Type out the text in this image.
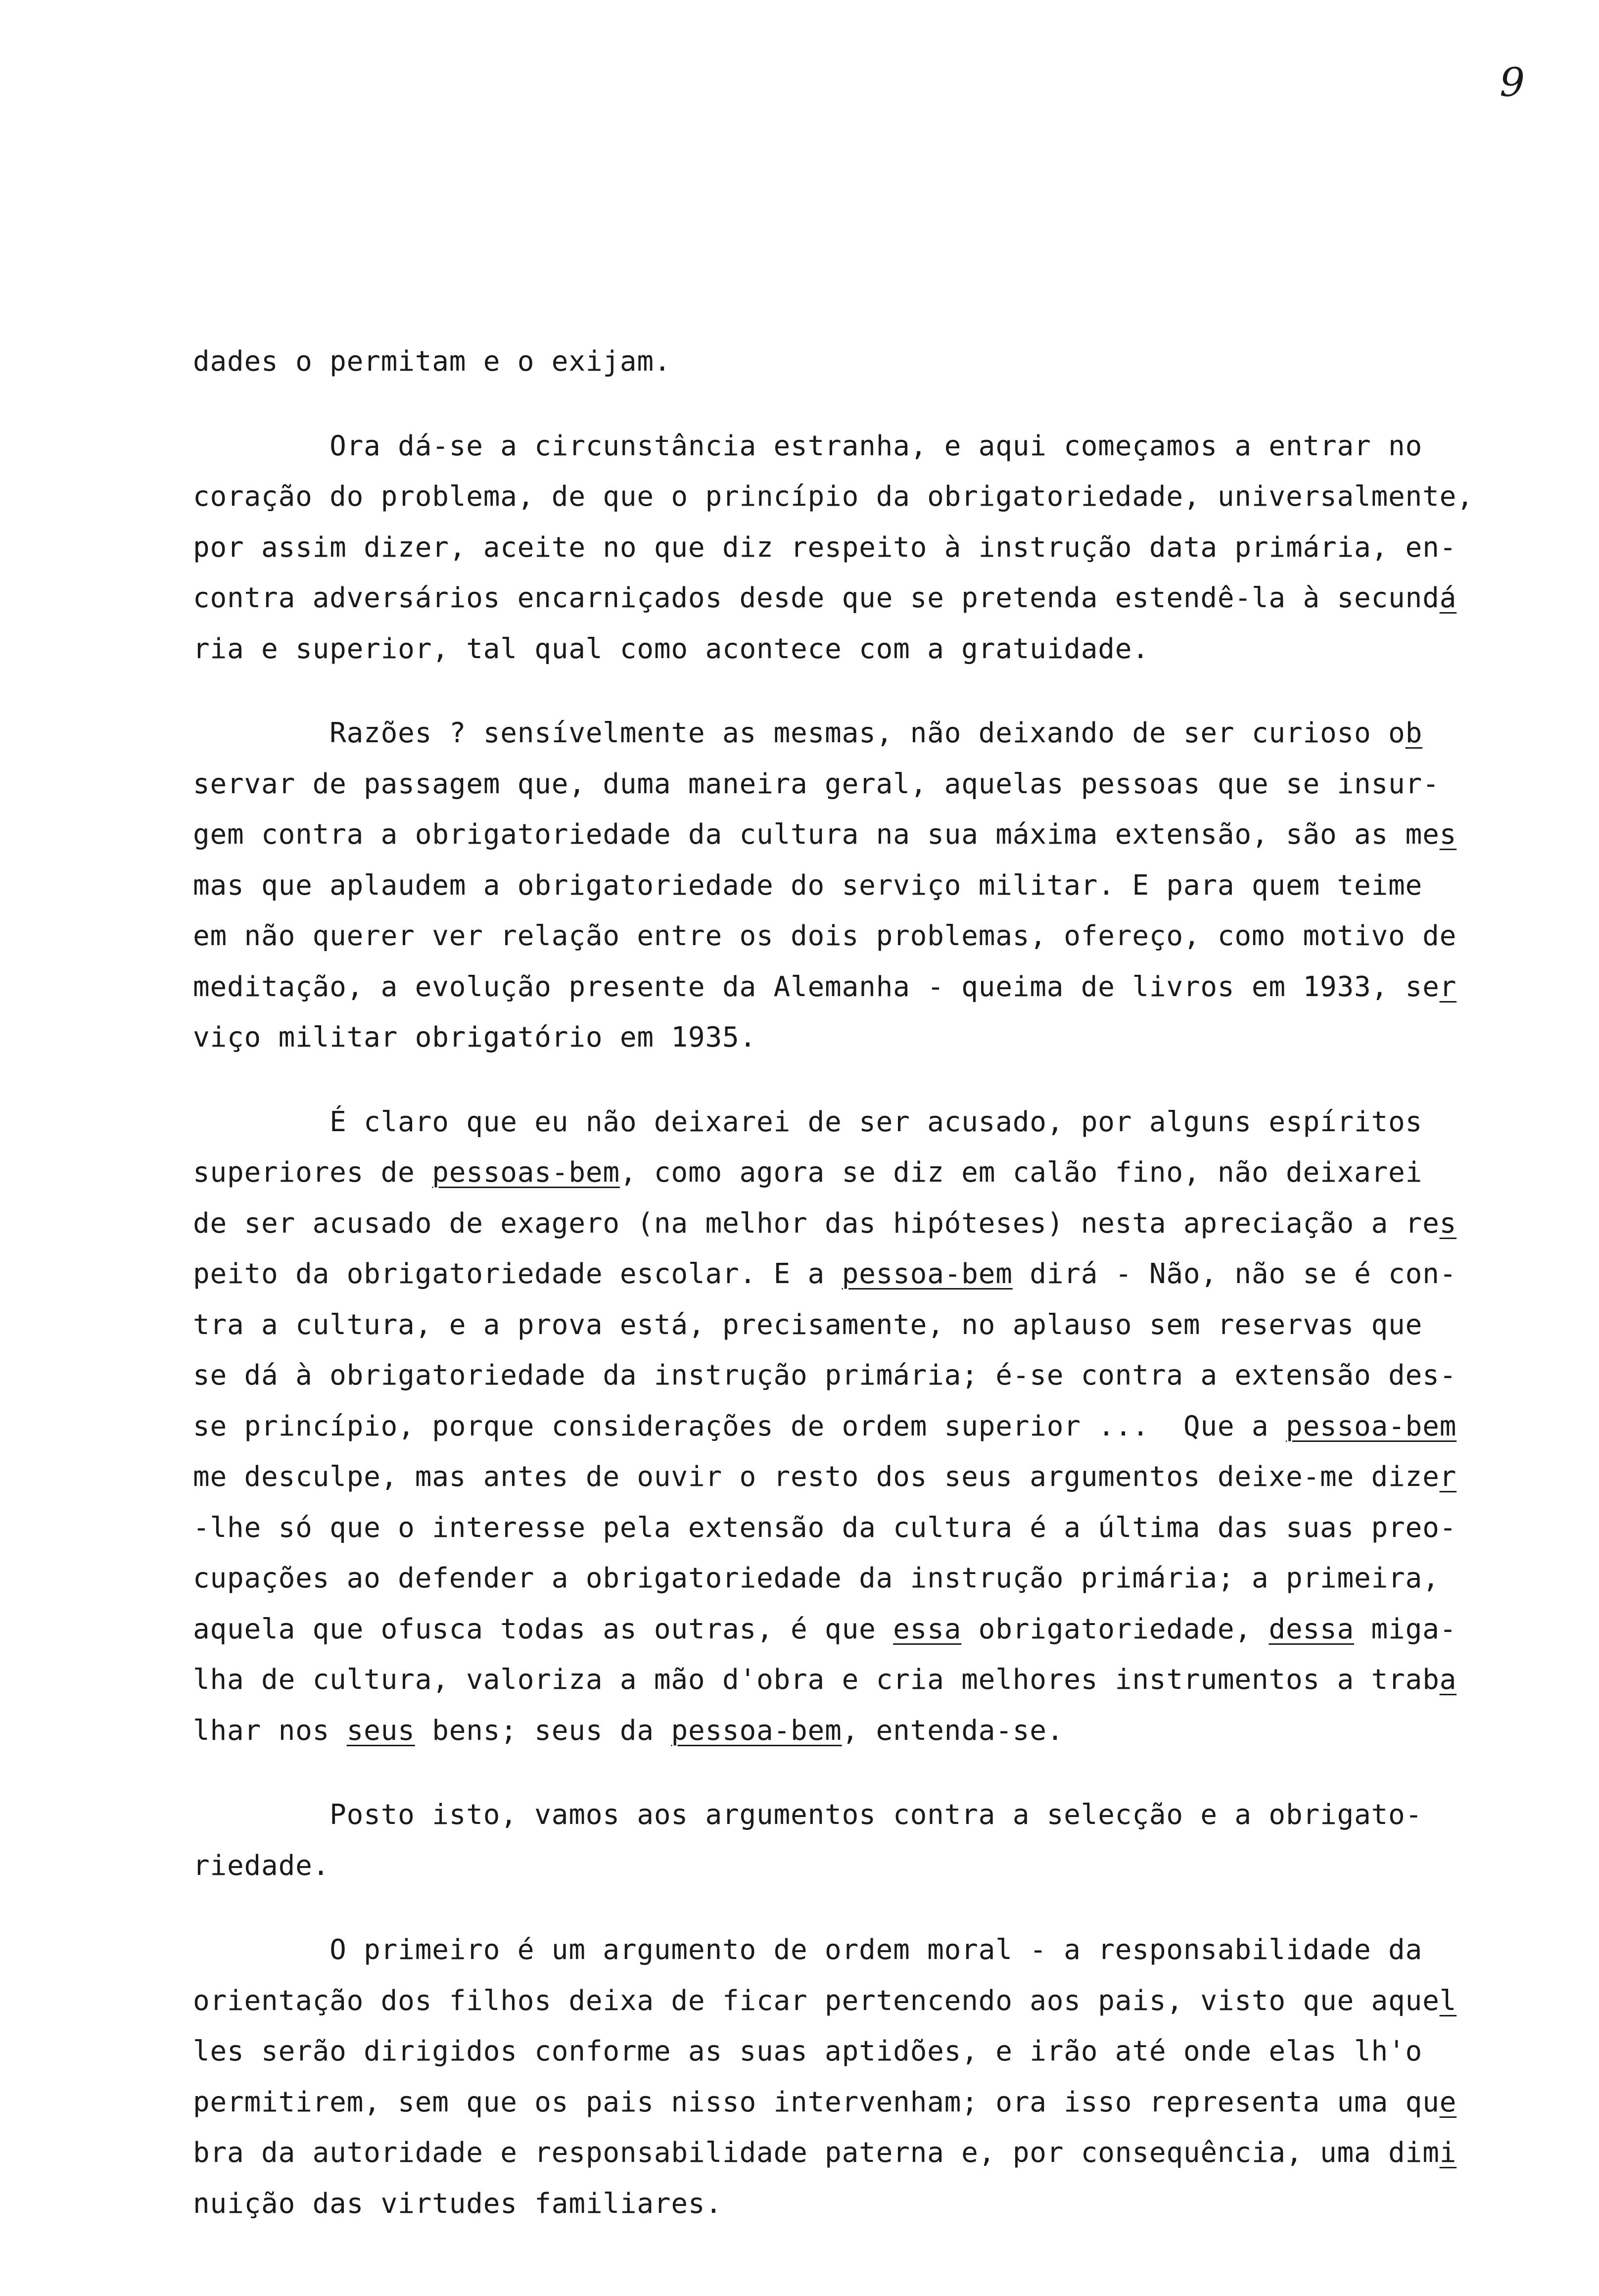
9
dades o permitam e o exijam.
Ora dá-se a circunstância estranha, e aqui começamos a entrar no
coração do problema, de que o princípio da obrigatoriedade, universalmente,
por assim dizer, aceite no que diz respeito à instrução data primária, en-
contra adversários encarniçados desde que se pretenda estendê-la à secundá
ria e superior, tal qual como acontece com a gratuidade.
Razões ? sensívelmente as mesmas, não deixando de ser curioso ob
servar de passagem que, duma maneira geral, aquelas pessoas que se insur-
gem contra a obrigatoriedade da cultura na sua máxima extensão, são as mes
mas que aplaudem a obrigatoriedade do serviço militar. E para quem teime
em não querer ver relação entre os dois problemas, ofereço, como motivo de
meditação, a evolução presente da Alemanha - queima de livros em 1933, ser
viço militar obrigatório em 1935.
É claro que eu não deixarei de ser acusado, por alguns espíritos
superiores de pessoas-bem, como agora se diz em calão fino, não deixarei
de ser acusado de exagero (na melhor das hipóteses) nesta apreciação a res
peito da obrigatoriedade escolar. E a pessoa-bem dirá - Não, não se é con-
tra a cultura, e a prova está, precisamente, no aplauso sem reservas que
se dá à obrigatoriedade da instrução primária; é-se contra a extensão des-
se princípio, porque considerações de ordem superior ...  Que a pessoa-bem
me desculpe, mas antes de ouvir o resto dos seus argumentos deixe-me dizer
-lhe só que o interesse pela extensão da cultura é a última das suas preo-
cupações ao defender a obrigatoriedade da instrução primária; a primeira,
aquela que ofusca todas as outras, é que essa obrigatoriedade, dessa miga-
lha de cultura, valoriza a mão d'obra e cria melhores instrumentos a traba
lhar nos seus bens; seus da pessoa-bem, entenda-se.
Posto isto, vamos aos argumentos contra a selecção e a obrigato-
riedade.
O primeiro é um argumento de ordem moral - a responsabilidade da
orientação dos filhos deixa de ficar pertencendo aos pais, visto que aquel
les serão dirigidos conforme as suas aptidões, e irão até onde elas lh'o
permitirem, sem que os pais nisso intervenham; ora isso representa uma que
bra da autoridade e responsabilidade paterna e, por consequência, uma dimi
nuição das virtudes familiares.
